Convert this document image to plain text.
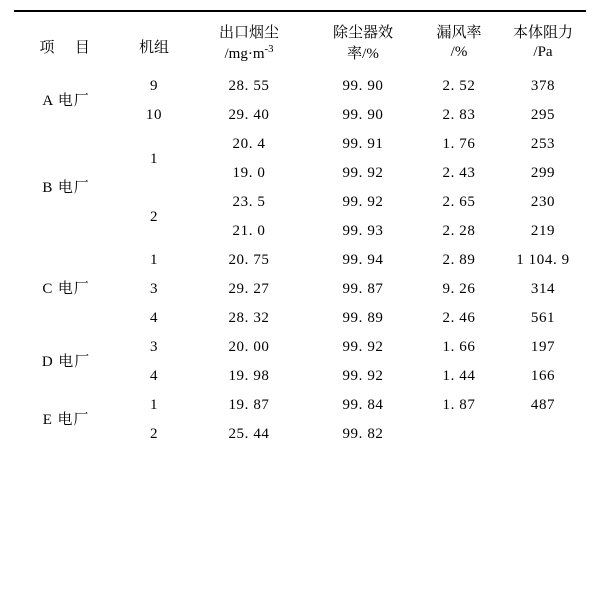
项　目	机组	出口烟尘	除尘器效	漏风率	本体阻力
		$/mg\cdot m^{-3}$	率/%	/%	/Pa
A 电厂	9	28. 55	99. 90	2. 52	378
	10	29. 40	99. 90	2. 83	295
B 电厂	1	20. 4	99. 91	1. 76	253
		19. 0	99. 92	2. 43	299
	2	23. 5	99. 92	2. 65	230
		21. 0	99. 93	2. 28	219
C 电厂	1	20. 75	99. 94	2. 89	1 104. 9
	3	29. 27	99. 87	9. 26	314
	4	28. 32	99. 89	2. 46	561
D 电厂	3	20. 00	99. 92	1. 66	197
	4	19. 98	99. 92	1. 44	166
E 电厂	1	19. 87	99. 84	1. 87	487
	2	25. 44	99. 82		
